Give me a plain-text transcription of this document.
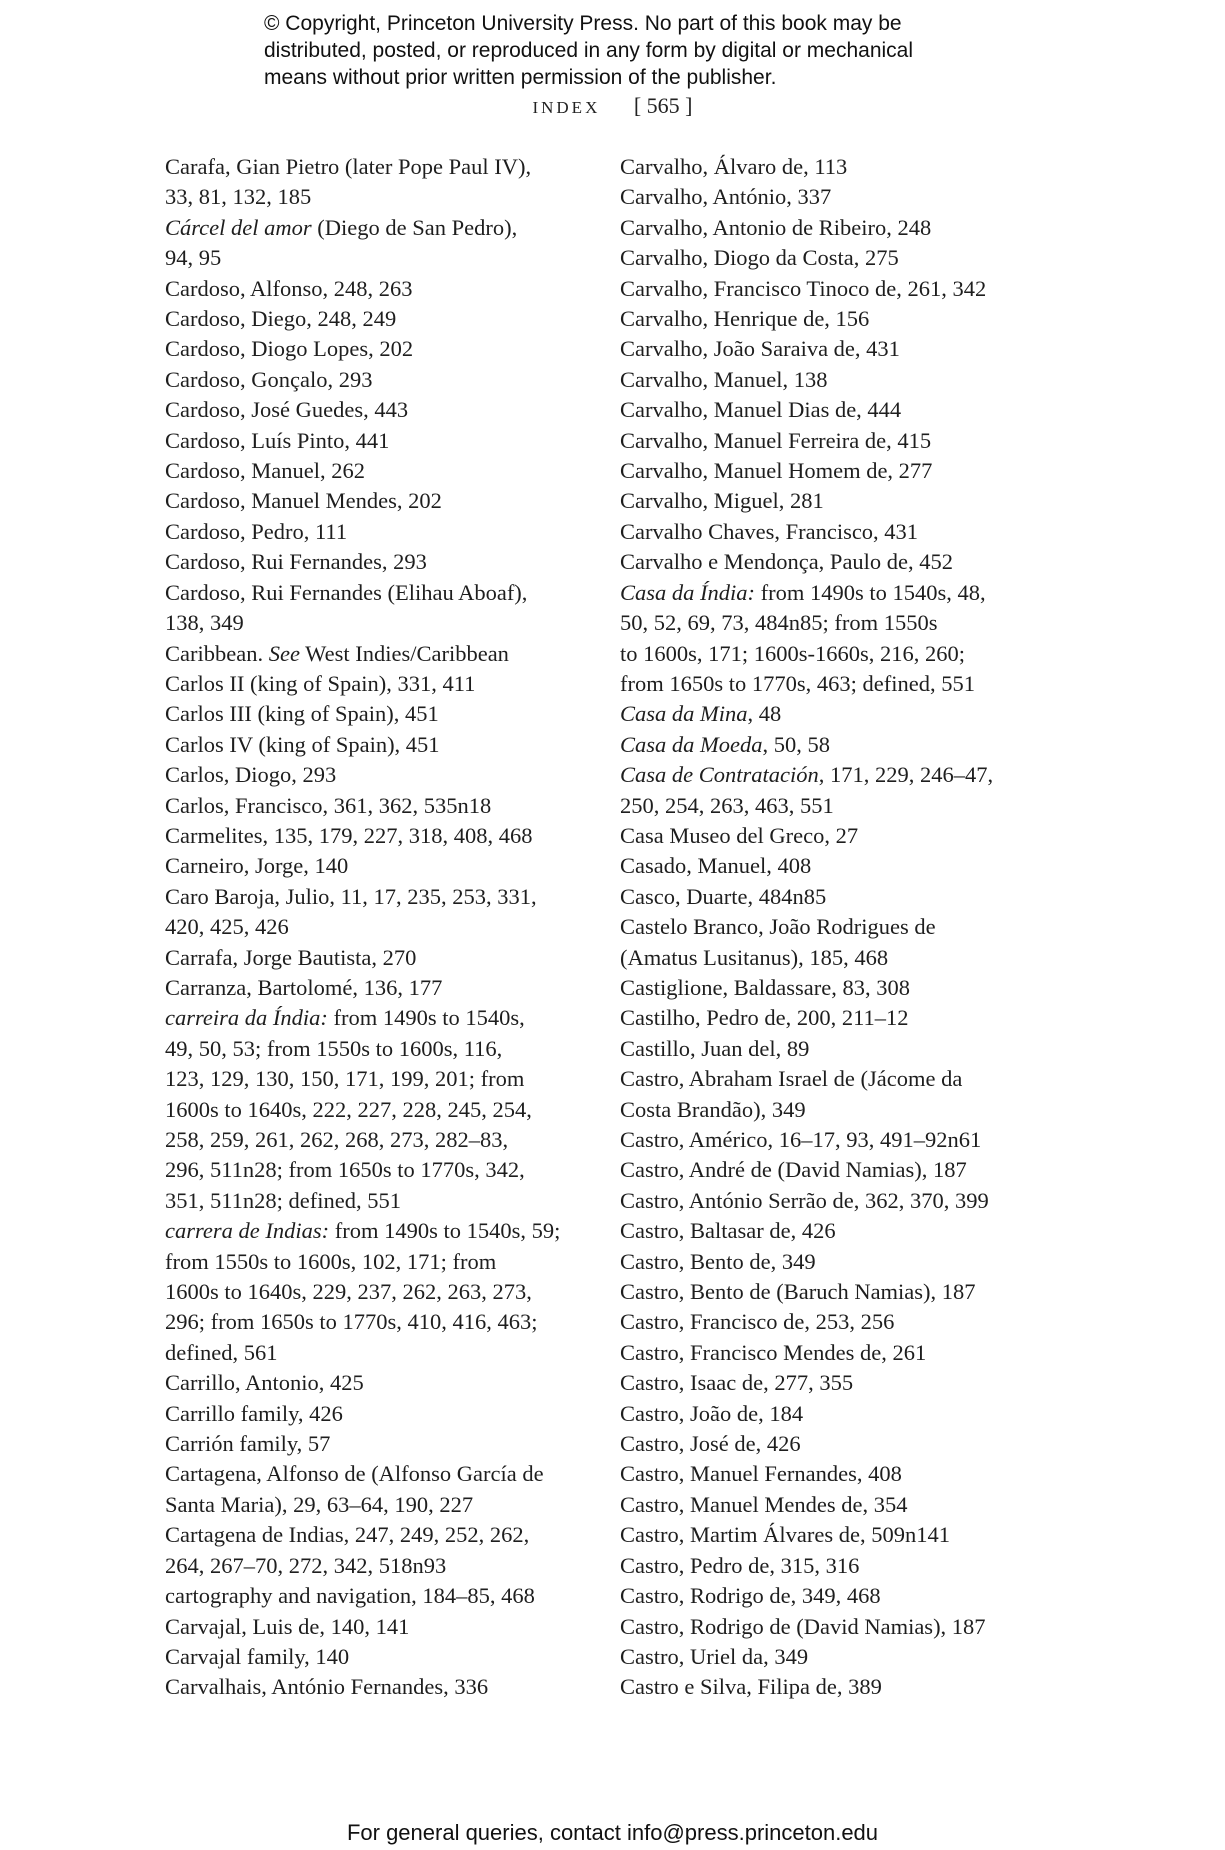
© Copyright, Princeton University Press. No part of this book may be
distributed, posted, or reproduced in any form by digital or mechanical
means without prior written permission of the publisher.
INDEX [ 565 ]
Carafa, Gian Pietro (later Pope Paul IV),
33, 81, 132, 185
Cárcel del amor (Diego de San Pedro),
94, 95
Cardoso, Alfonso, 248, 263
Cardoso, Diego, 248, 249
Cardoso, Diogo Lopes, 202
Cardoso, Gonçalo, 293
Cardoso, José Guedes, 443
Cardoso, Luís Pinto, 441
Cardoso, Manuel, 262
Cardoso, Manuel Mendes, 202
Cardoso, Pedro, 111
Cardoso, Rui Fernandes, 293
Cardoso, Rui Fernandes (Elihau Aboaf),
138, 349
Caribbean. See West Indies/Caribbean
Carlos II (king of Spain), 331, 411
Carlos III (king of Spain), 451
Carlos IV (king of Spain), 451
Carlos, Diogo, 293
Carlos, Francisco, 361, 362, 535n18
Carmelites, 135, 179, 227, 318, 408, 468
Carneiro, Jorge, 140
Caro Baroja, Julio, 11, 17, 235, 253, 331,
420, 425, 426
Carrafa, Jorge Bautista, 270
Carranza, Bartolomé, 136, 177
carreira da Índia: from 1490s to 1540s,
49, 50, 53; from 1550s to 1600s, 116,
123, 129, 130, 150, 171, 199, 201; from
1600s to 1640s, 222, 227, 228, 245, 254,
258, 259, 261, 262, 268, 273, 282–83,
296, 511n28; from 1650s to 1770s, 342,
351, 511n28; defined, 551
carrera de Indias: from 1490s to 1540s, 59;
from 1550s to 1600s, 102, 171; from
1600s to 1640s, 229, 237, 262, 263, 273,
296; from 1650s to 1770s, 410, 416, 463;
defined, 561
Carrillo, Antonio, 425
Carrillo family, 426
Carrión family, 57
Cartagena, Alfonso de (Alfonso García de
Santa Maria), 29, 63–64, 190, 227
Cartagena de Indias, 247, 249, 252, 262,
264, 267–70, 272, 342, 518n93
cartography and navigation, 184–85, 468
Carvajal, Luis de, 140, 141
Carvajal family, 140
Carvalhais, António Fernandes, 336
Carvalho, Álvaro de, 113
Carvalho, António, 337
Carvalho, Antonio de Ribeiro, 248
Carvalho, Diogo da Costa, 275
Carvalho, Francisco Tinoco de, 261, 342
Carvalho, Henrique de, 156
Carvalho, João Saraiva de, 431
Carvalho, Manuel, 138
Carvalho, Manuel Dias de, 444
Carvalho, Manuel Ferreira de, 415
Carvalho, Manuel Homem de, 277
Carvalho, Miguel, 281
Carvalho Chaves, Francisco, 431
Carvalho e Mendonça, Paulo de, 452
Casa da Índia: from 1490s to 1540s, 48,
50, 52, 69, 73, 484n85; from 1550s
to 1600s, 171; 1600s-1660s, 216, 260;
from 1650s to 1770s, 463; defined, 551
Casa da Mina, 48
Casa da Moeda, 50, 58
Casa de Contratación, 171, 229, 246–47,
250, 254, 263, 463, 551
Casa Museo del Greco, 27
Casado, Manuel, 408
Casco, Duarte, 484n85
Castelo Branco, João Rodrigues de
(Amatus Lusitanus), 185, 468
Castiglione, Baldassare, 83, 308
Castilho, Pedro de, 200, 211–12
Castillo, Juan del, 89
Castro, Abraham Israel de (Jácome da
Costa Brandão), 349
Castro, Américo, 16–17, 93, 491–92n61
Castro, André de (David Namias), 187
Castro, António Serrão de, 362, 370, 399
Castro, Baltasar de, 426
Castro, Bento de, 349
Castro, Bento de (Baruch Namias), 187
Castro, Francisco de, 253, 256
Castro, Francisco Mendes de, 261
Castro, Isaac de, 277, 355
Castro, João de, 184
Castro, José de, 426
Castro, Manuel Fernandes, 408
Castro, Manuel Mendes de, 354
Castro, Martim Álvares de, 509n141
Castro, Pedro de, 315, 316
Castro, Rodrigo de, 349, 468
Castro, Rodrigo de (David Namias), 187
Castro, Uriel da, 349
Castro e Silva, Filipa de, 389
For general queries, contact info@press.princeton.edu
